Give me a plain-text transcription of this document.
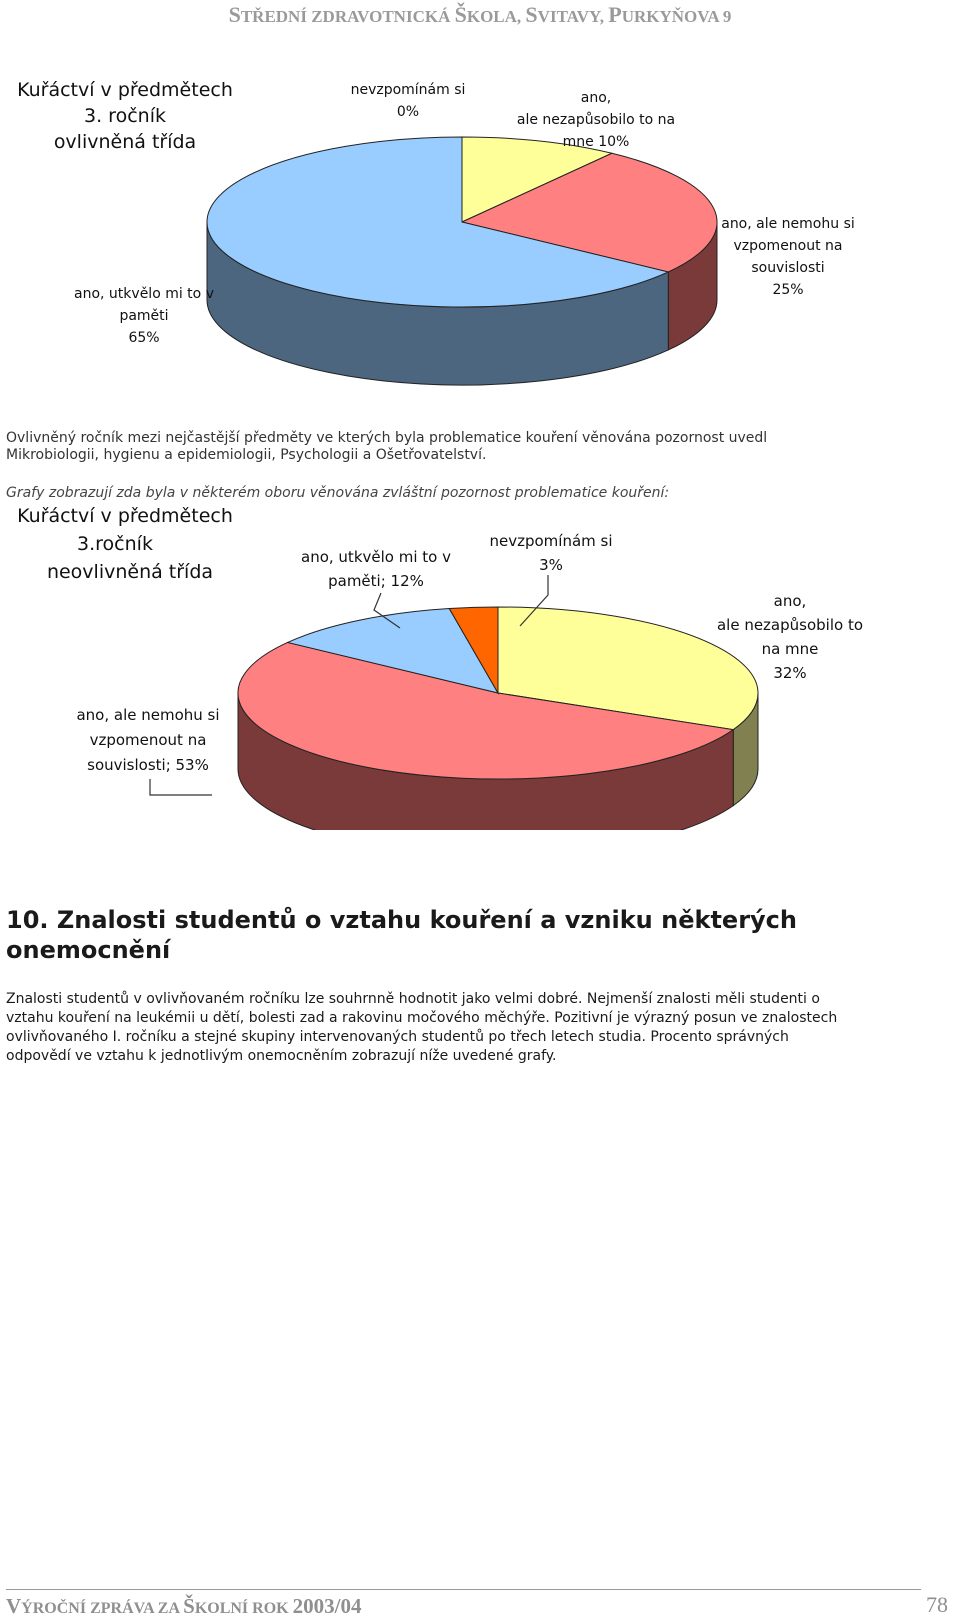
STŘEDNÍ ZDRAVOTNICKÁ ŠKOLA, SVITAVY, PURKYŇOVA 9
Kuřáctví v předmětech
3. ročník
ovlivněná třída
nevzpomínám si
0%
ano,
ale nezapůsobilo to na
mne 10%
ano, ale nemohu si
vzpomenout na
souvislosti
25%
ano, utkvělo mi to v
paměti
65%
Ovlivněný ročník mezi nejčastější předměty ve kterých byla problematice kouření věnována pozornost uvedl
Mikrobiologii, hygienu a epidemiologii, Psychologii a Ošetřovatelství.
Grafy zobrazují zda byla v některém oboru věnována zvláštní pozornost problematice kouření:
Kuřáctví v předmětech
3.ročník
neovlivněná třída
ano, utkvělo mi to v
paměti; 12%
nevzpomínám si
3%
ano,
ale nezapůsobilo to
na mne
32%
ano, ale nemohu si
vzpomenout na
souvislosti; 53%
10. Znalosti studentů o vztahu kouření a vzniku některých
onemocnění
Znalosti studentů v ovlivňovaném ročníku lze souhrnně hodnotit jako velmi dobré. Nejmenší znalosti měli studenti o
vztahu kouření na leukémii u dětí, bolesti zad a rakovinu močového měchýře. Pozitivní je výrazný posun ve znalostech
ovlivňovaného I. ročníku a stejné skupiny intervenovaných studentů po třech letech studia. Procento správných
odpovědí ve vztahu k jednotlivým onemocněním zobrazují níže uvedené grafy.
VÝROČNÍ ZPRÁVA ZA ŠKOLNÍ ROK 2003/04	78
